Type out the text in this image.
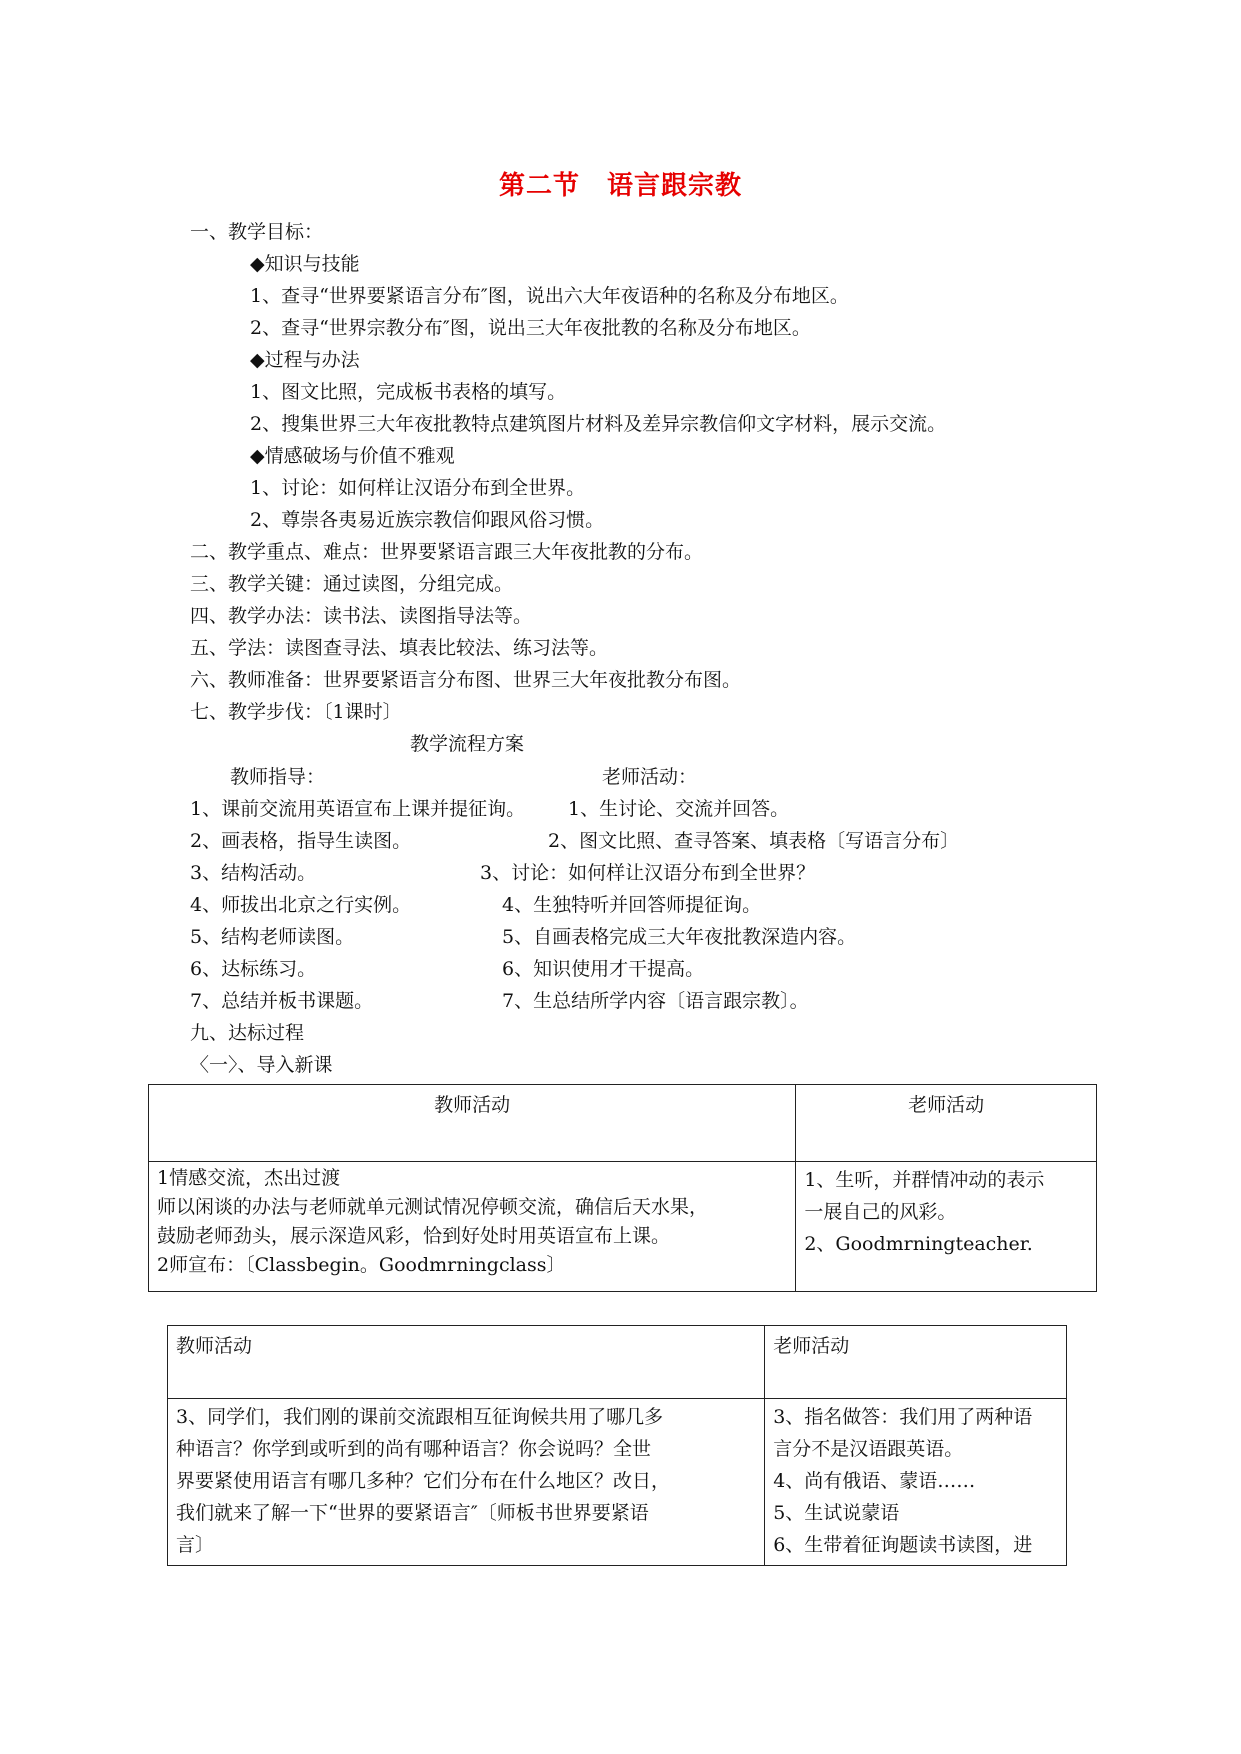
第二节　语言跟宗教
一、教学目标：
◆知识与技能
1、查寻“世界要紧语言分布″图，说出六大年夜语种的名称及分布地区。
2、查寻“世界宗教分布″图，说出三大年夜批教的名称及分布地区。
◆过程与办法
1、图文比照，完成板书表格的填写。
2、搜集世界三大年夜批教特点建筑图片材料及差异宗教信仰文字材料，展示交流。
◆情感破场与价值不雅观
1、讨论：如何样让汉语分布到全世界。
2、尊崇各夷易近族宗教信仰跟风俗习惯。
二、教学重点、难点：世界要紧语言跟三大年夜批教的分布。
三、教学关键：通过读图，分组完成。
四、教学办法：读书法、读图指导法等。
五、学法：读图查寻法、填表比较法、练习法等。
六、教师准备：世界要紧语言分布图、世界三大年夜批教分布图。
七、教学步伐：〔1课时〕
教学流程方案
教师指导：	老师活动：
1、课前交流用英语宣布上课并提征询。 1、生讨论、交流并回答。
2、画表格，指导生读图。	2、图文比照、查寻答案、填表格〔写语言分布〕
3、结构活动。	3、讨论：如何样让汉语分布到全世界？
4、师拔出北京之行实例。	4、生独特听并回答师提征询。
5、结构老师读图。	5、自画表格完成三大年夜批教深造内容。
6、达标练习。	6、知识使用才干提高。
7、总结并板书课题。	7、生总结所学内容〔语言跟宗教〕。
九、达标过程
〈一〉、导入新课
教师活动	老师活动

1情感交流，杰出过渡
师以闲谈的办法与老师就单元测试情况停顿交流，确信后天水果，
鼓励老师劲头，展示深造风彩，恰到好处时用英语宣布上课。
2师宣布：〔Classbegin。Goodmrningclass〕	1、生听，并群情冲动的表示
一展自己的风彩。
2、Goodmrningteacher.
教师活动	老师活动

3、同学们，我们刚的课前交流跟相互征询候共用了哪几多
种语言？你学到或听到的尚有哪种语言？你会说吗？全世
界要紧使用语言有哪几多种？它们分布在什么地区？改日，
我们就来了解一下“世界的要紧语言″〔师板书世界要紧语
言〕	3、指名做答：我们用了两种语
言分不是汉语跟英语。
4、尚有俄语、蒙语……
5、生试说蒙语
6、生带着征询题读书读图，进
